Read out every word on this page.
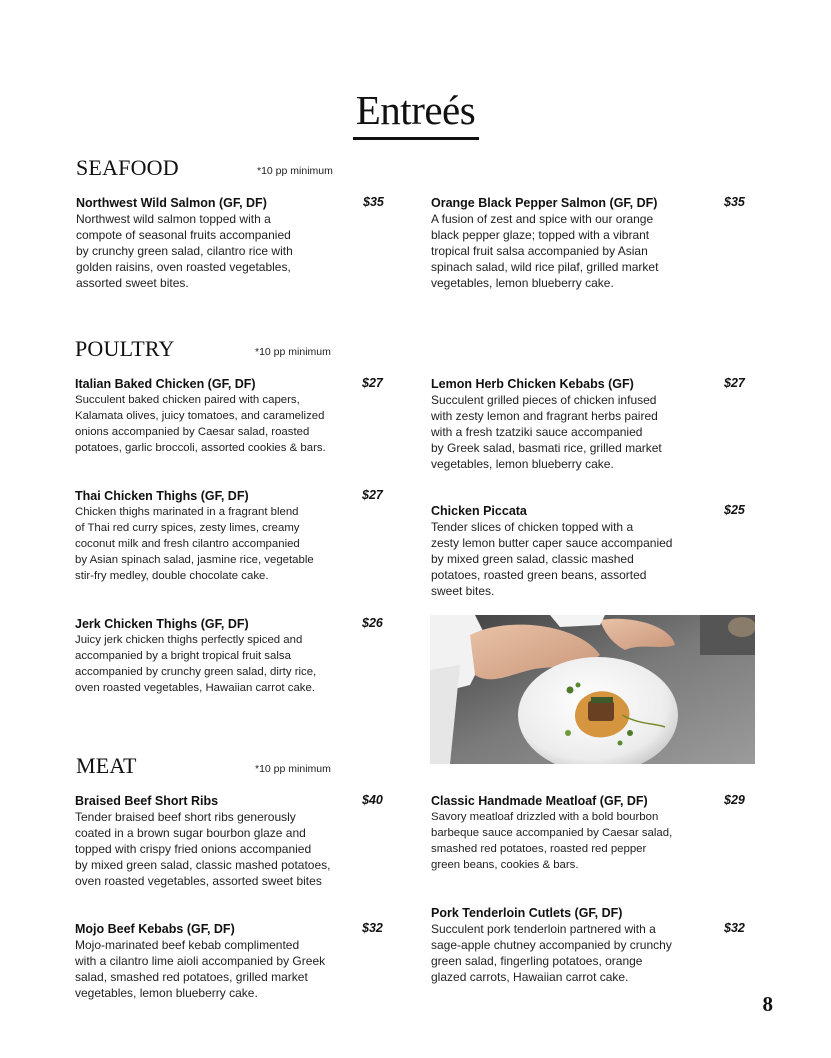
Entreés
SEAFOOD	*10 pp minimum
Northwest Wild Salmon (GF, DF)
Northwest wild salmon topped with a
compote of seasonal fruits accompanied
by crunchy green salad, cilantro rice with
golden raisins, oven roasted vegetables,
assorted sweet bites.
$35	Orange Black Pepper Salmon (GF, DF)
A fusion of zest and spice with our orange
black pepper glaze; topped with a vibrant
tropical fruit salsa accompanied by Asian
spinach salad, wild rice pilaf, grilled market
vegetables, lemon blueberry cake.
$35
POULTRY	*10 pp minimum
Italian Baked Chicken (GF, DF)
Succulent baked chicken paired with capers,
Kalamata olives, juicy tomatoes, and caramelized
onions accompanied by Caesar salad, roasted
potatoes, garlic broccoli, assorted cookies & bars.
$27	Lemon Herb Chicken Kebabs (GF)
Succulent grilled pieces of chicken infused
with zesty lemon and fragrant herbs paired
with a fresh tzatziki sauce accompanied
by Greek salad, basmati rice, grilled market
vegetables, lemon blueberry cake.
$27
Thai Chicken Thighs (GF, DF)
Chicken thighs marinated in a fragrant blend
of Thai red curry spices, zesty limes, creamy
coconut milk and fresh cilantro accompanied
by Asian spinach salad, jasmine rice, vegetable
stir-fry medley, double chocolate cake.
$27
Chicken Piccata
Tender slices of chicken topped with a
zesty lemon butter caper sauce accompanied
by mixed green salad, classic mashed
potatoes, roasted green beans, assorted
sweet bites.
$25
Jerk Chicken Thighs (GF, DF)
Juicy jerk chicken thighs perfectly spiced and
accompanied by a bright tropical fruit salsa
accompanied by crunchy green salad, dirty rice,
oven roasted vegetables, Hawaiian carrot cake.
$26
MEAT	*10 pp minimum
Braised Beef Short Ribs
Tender braised beef short ribs generously
coated in a brown sugar bourbon glaze and
topped with crispy fried onions accompanied
by mixed green salad, classic mashed potatoes,
oven roasted vegetables, assorted sweet bites
$40	Classic Handmade Meatloaf (GF, DF)
Savory meatloaf drizzled with a bold bourbon
barbeque sauce accompanied by Caesar salad,
smashed red potatoes, roasted red pepper
green beans, cookies & bars.
$29
Mojo Beef Kebabs (GF, DF)
Mojo-marinated beef kebab complimented
with a cilantro lime aioli accompanied by Greek
salad, smashed red potatoes, grilled market
vegetables, lemon blueberry cake.
$32
Pork Tenderloin Cutlets (GF, DF)
Succulent pork tenderloin partnered with a
sage-apple chutney accompanied by crunchy
green salad, fingerling potatoes, orange
glazed carrots, Hawaiian carrot cake.
$32
8
